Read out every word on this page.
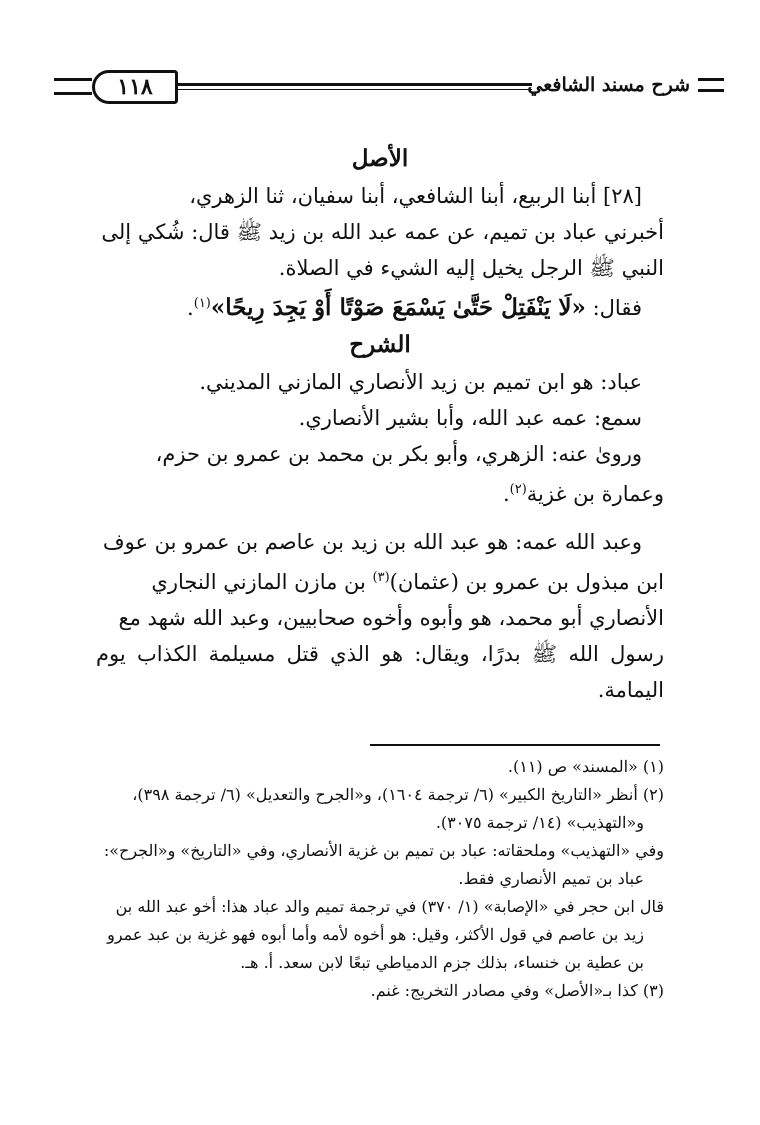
شرح مسند الشافعي
١١٨

الأصل

[٢٨] أبنا الربيع، أبنا الشافعي، أبنا سفيان، ثنا الزهري،

أخبرني عباد بن تميم، عن عمه عبد الله بن زيد ﷺ قال: شُكي إلى

النبي ﷺ الرجل يخيل إليه الشيء في الصلاة.

فقال: «لَا يَنْفَتِلْ حَتَّىٰ يَسْمَعَ صَوْتًا أَوْ يَجِدَ رِيحًا»$^{(١)}$.

الشرح

عباد: هو ابن تميم بن زيد الأنصاري المازني المديني.

سمع: عمه عبد الله، وأبا بشير الأنصاري.

ورویٰ عنه: الزهري، وأبو بكر بن محمد بن عمرو بن حزم،

وعمارة بن غزية$^{(٢)}$.

وعبد الله عمه: هو عبد الله بن زيد بن عاصم بن عمرو بن عوف

ابن مبذول بن عمرو بن (عثمان)$^{(٣)}$ بن مازن المازني النجاري

الأنصاري أبو محمد، هو وأبوه وأخوه صحابيين، وعبد الله شهد مع

رسول الله ﷺ بدرًا، ويقال: هو الذي قتل مسيلمة الكذاب يوم اليمامة.

(١) «المسند» ص (١١).

(٢) أنظر «التاريخ الكبير» (٦/ ترجمة ١٦٠٤)، و«الجرح والتعديل» (٦/ ترجمة ٣٩٨)،

و«التهذيب» (١٤/ ترجمة ٣٠٧٥).

وفي «التهذيب» وملحقاته: عباد بن تميم بن غزية الأنصاري، وفي «التاريخ» و«الجرح»:

عباد بن تميم الأنصاري فقط.

قال ابن حجر في «الإصابة» (١/ ٣٧٠) في ترجمة تميم والد عباد هذا: أخو عبد الله بن

زيد بن عاصم في قول الأكثر، وقيل: هو أخوه لأمه وأما أبوه فهو غزية بن عبد عمرو

بن عطية بن خنساء، بذلك جزم الدمياطي تبعًا لابن سعد. أ. هـ.

(٣) كذا بـ«الأصل» وفي مصادر التخريج: غنم.
